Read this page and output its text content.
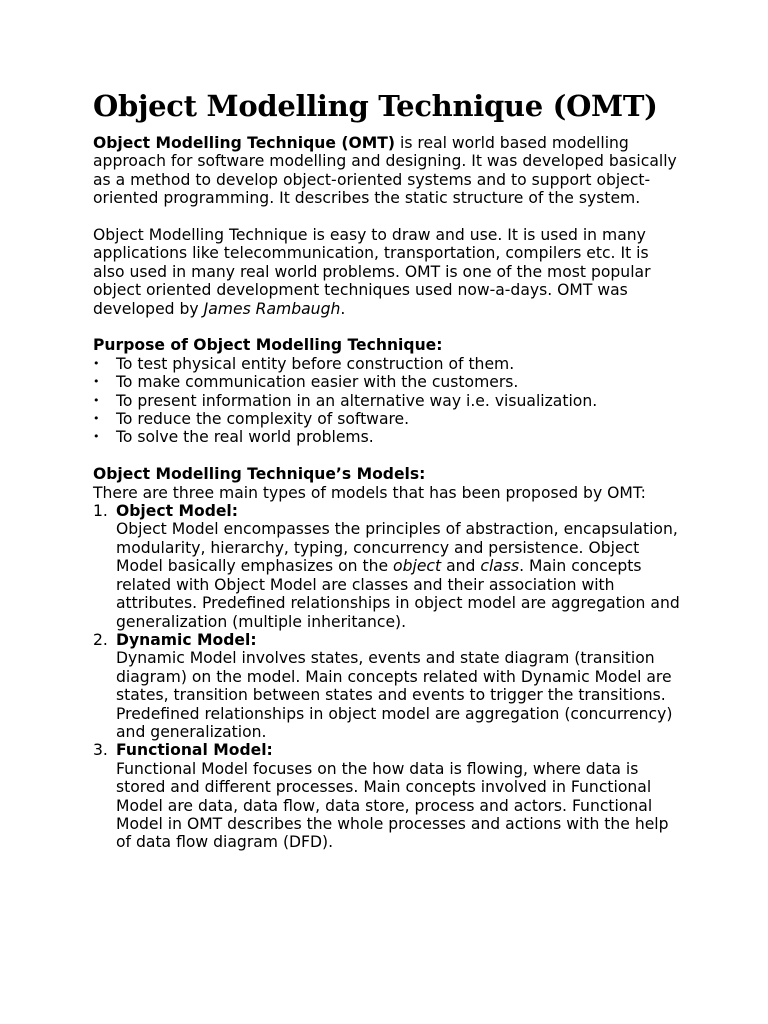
Object Modelling Technique (OMT)

Object Modelling Technique (OMT) is real world based modelling approach for software modelling and designing. It was developed basically as a method to develop object-oriented systems and to support object-oriented programming. It describes the static structure of the system.

Object Modelling Technique is easy to draw and use. It is used in many applications like telecommunication, transportation, compilers etc. It is also used in many real world problems. OMT is one of the most popular object oriented development techniques used now-a-days. OMT was developed by James Rambaugh.

Purpose of Object Modelling Technique:

• To test physical entity before construction of them.
• To make communication easier with the customers.
• To present information in an alternative way i.e. visualization.
• To reduce the complexity of software.
• To solve the real world problems.

Object Modelling Technique’s Models:

There are three main types of models that has been proposed by OMT:

1. Object Model:
Object Model encompasses the principles of abstraction, encapsulation, modularity, hierarchy, typing, concurrency and persistence. Object Model basically emphasizes on the object and class. Main concepts related with Object Model are classes and their association with attributes. Predefined relationships in object model are aggregation and generalization (multiple inheritance).
2. Dynamic Model:
Dynamic Model involves states, events and state diagram (transition diagram) on the model. Main concepts related with Dynamic Model are states, transition between states and events to trigger the transitions. Predefined relationships in object model are aggregation (concurrency) and generalization.
3. Functional Model:
Functional Model focuses on the how data is flowing, where data is stored and different processes. Main concepts involved in Functional Model are data, data flow, data store, process and actors. Functional Model in OMT describes the whole processes and actions with the help of data flow diagram (DFD).
